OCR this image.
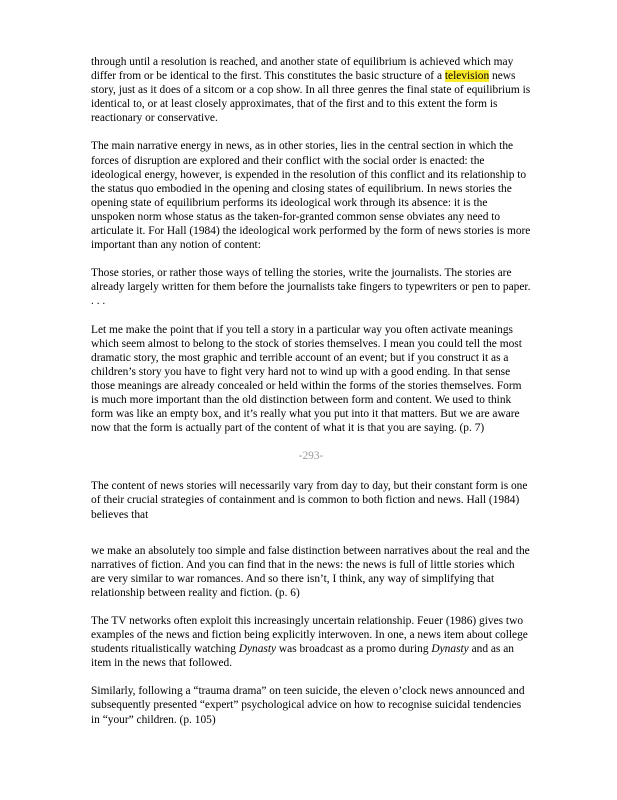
through until a resolution is reached, and another state of equilibrium is achieved which may differ from or be identical to the first. This constitutes the basic structure of a television news story, just as it does of a sitcom or a cop show. In all three genres the final state of equilibrium is identical to, or at least closely approximates, that of the first and to this extent the form is reactionary or conservative.

The main narrative energy in news, as in other stories, lies in the central section in which the forces of disruption are explored and their conflict with the social order is enacted: the ideological energy, however, is expended in the resolution of this conflict and its relationship to the status quo embodied in the opening and closing states of equilibrium. In news stories the opening state of equilibrium performs its ideological work through its absence: it is the unspoken norm whose status as the taken-for-granted common sense obviates any need to articulate it. For Hall (1984) the ideological work performed by the form of news stories is more important than any notion of content:

Those stories, or rather those ways of telling the stories, write the journalists. The stories are already largely written for them before the journalists take fingers to typewriters or pen to paper. . . .

Let me make the point that if you tell a story in a particular way you often activate meanings which seem almost to belong to the stock of stories themselves. I mean you could tell the most dramatic story, the most graphic and terrible account of an event; but if you construct it as a children’s story you have to fight very hard not to wind up with a good ending. In that sense those meanings are already concealed or held within the forms of the stories themselves. Form is much more important than the old distinction between form and content. We used to think form was like an empty box, and it’s really what you put into it that matters. But we are aware now that the form is actually part of the content of what it is that you are saying. (p. 7)

-293-

The content of news stories will necessarily vary from day to day, but their constant form is one of their crucial strategies of containment and is common to both fiction and news. Hall (1984) believes that

we make an absolutely too simple and false distinction between narratives about the real and the narratives of fiction. And you can find that in the news: the news is full of little stories which are very similar to war romances. And so there isn’t, I think, any way of simplifying that relationship between reality and fiction. (p. 6)

The TV networks often exploit this increasingly uncertain relationship. Feuer (1986) gives two examples of the news and fiction being explicitly interwoven. In one, a news item about college students ritualistically watching Dynasty was broadcast as a promo during Dynasty and as an item in the news that followed.

Similarly, following a “trauma drama” on teen suicide, the eleven o’clock news announced and subsequently presented “expert” psychological advice on how to recognise suicidal tendencies in “your” children. (p. 105)
